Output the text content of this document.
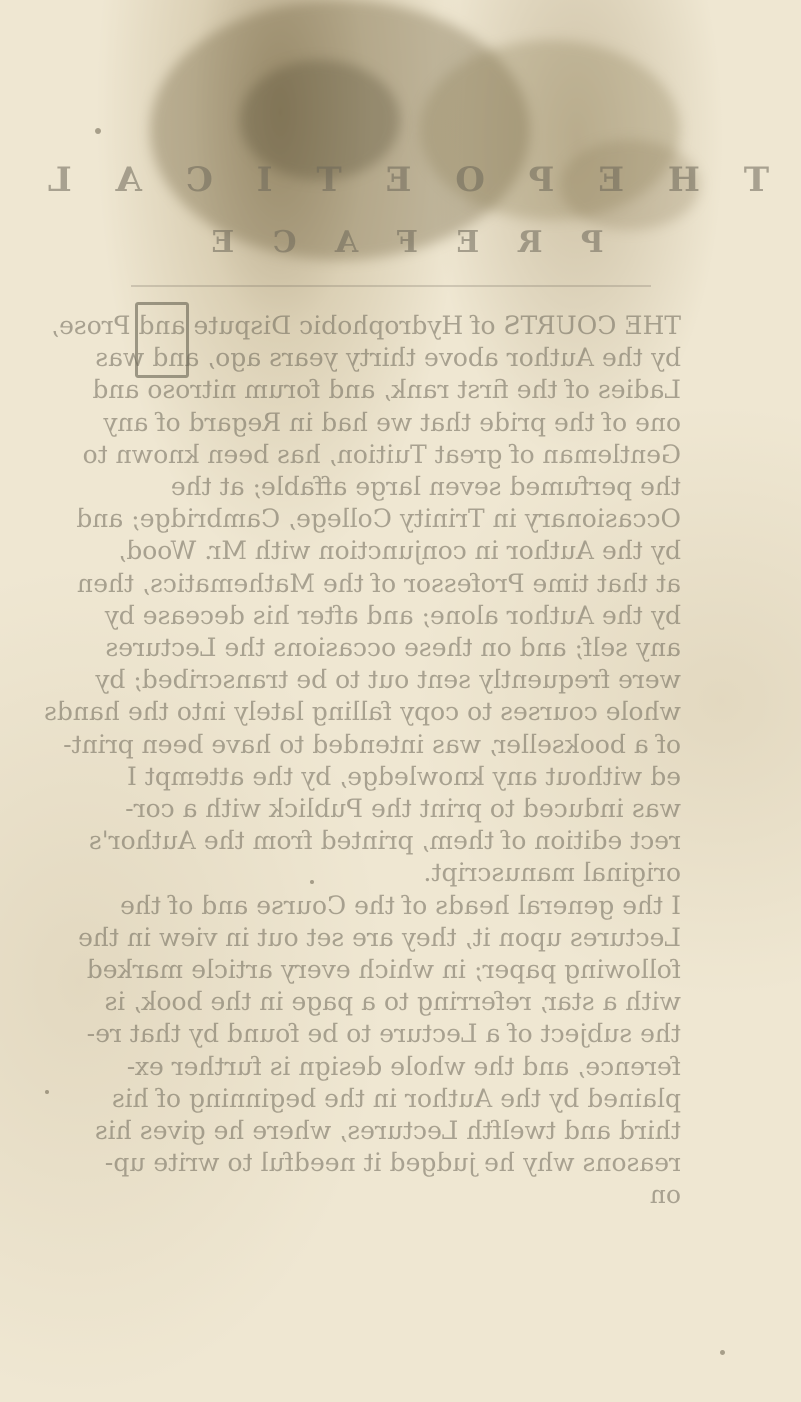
T H E P O E T I C A L
P R E F A C E
THE COURTS of Hydrophobic Dispute and Prose,
by the Author above thirty years ago, and was
Ladies of the first rank, and forum nitroso and
one of the pride that we had in Regard of any
Gentleman of great Tuition, has been known to
the perfumed seven large affable; at the
Occasionary in Trinity College, Cambridge; and
by the Author in conjunction with Mr. Wood,
at that time Professor of the Mathematics, then
by the Author alone; and after his decease by
any self; and on these occasions the Lectures
were frequently sent out to be transcribed; by
whole courses to copy falling lately into the hands
of a bookseller, was intended to have been print-
ed without any knowledge, by the attempt I
was induced to print the Publick with a cor-
rect edition of them, printed from the Author's
original manuscript.
I the general heads of the Course and of the
Lectures upon it, they are set out in view in the
following paper; in which every article marked
with a star, referring to a page in the book, is
the subject of a Lecture to be found by that re-
ference, and the whole design is further ex-
plained by the Author in the beginning of his
third and twelfth Lectures, where he gives his
reasons why he judged it needful to write up-
on
